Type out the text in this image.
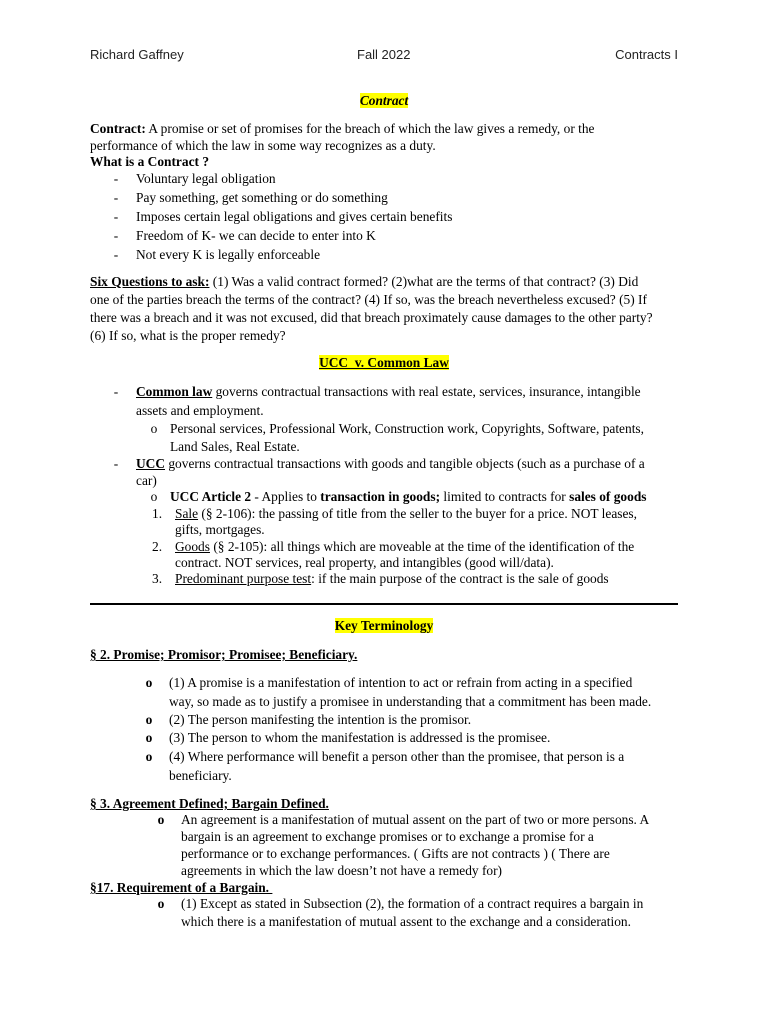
Richard Gaffney	Fall 2022	Contracts I
Contract
Contract: A promise or set of promises for the breach of which the law gives a remedy, or the
performance of which the law in some way recognizes as a duty.
What is a Contract ?
-	Voluntary legal obligation
-	Pay something, get something or do something
-	Imposes certain legal obligations and gives certain benefits
-	Freedom of K- we can decide to enter into K
-	Not every K is legally enforceable
Six Questions to ask: (1) Was a valid contract formed? (2)what are the terms of that contract? (3) Did
one of the parties breach the terms of the contract? (4) If so, was the breach nevertheless excused? (5) If
there was a breach and it was not excused, did that breach proximately cause damages to the other party?
(6) If so, what is the proper remedy?
UCC  v. Common Law
-	Common law governs contractual transactions with real estate, services, insurance, intangible
assets and employment.
o Personal services, Professional Work, Construction work, Copyrights, Software, patents,
Land Sales, Real Estate.
-	UCC governs contractual transactions with goods and tangible objects (such as a purchase of a
car)
o UCC Article 2 - Applies to transaction in goods; limited to contracts for sales of goods
1. Sale (§ 2-106): the passing of title from the seller to the buyer for a price. NOT leases,
gifts, mortgages.
2. Goods (§ 2-105): all things which are moveable at the time of the identification of the
contract. NOT services, real property, and intangibles (good will/data).
3. Predominant purpose test: if the main purpose of the contract is the sale of goods
Key Terminology
§ 2. Promise; Promisor; Promisee; Beneficiary.
o	(1) A promise is a manifestation of intention to act or refrain from acting in a specified
way, so made as to justify a promisee in understanding that a commitment has been made.
o	(2) The person manifesting the intention is the promisor.
o	(3) The person to whom the manifestation is addressed is the promisee.
o	(4) Where performance will benefit a person other than the promisee, that person is a
beneficiary.
§ 3. Agreement Defined; Bargain Defined.
o	An agreement is a manifestation of mutual assent on the part of two or more persons. A
bargain is an agreement to exchange promises or to exchange a promise for a
performance or to exchange performances. ( Gifts are not contracts ) ( There are
agreements in which the law doesn’t not have a remedy for)
§17. Requirement of a Bargain.
o	(1) Except as stated in Subsection (2), the formation of a contract requires a bargain in
which there is a manifestation of mutual assent to the exchange and a consideration.
